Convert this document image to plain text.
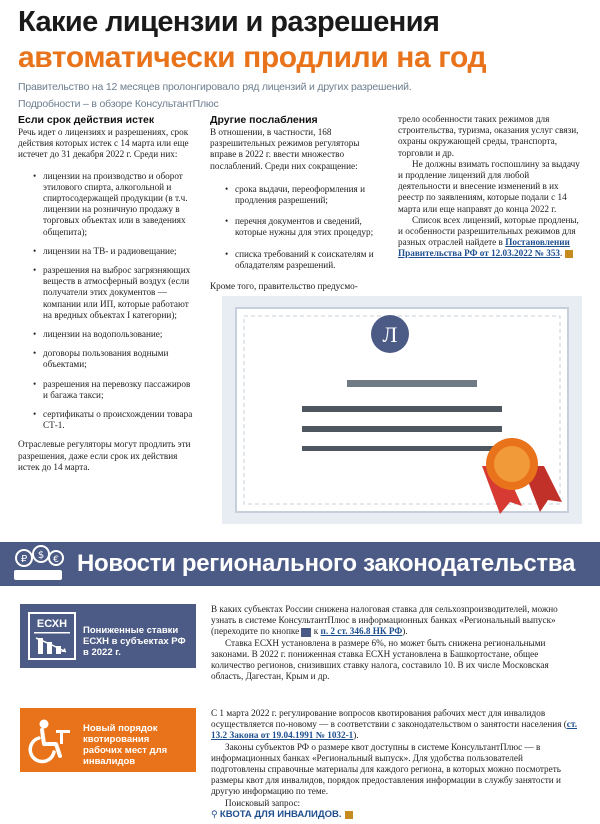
Какие лицензии и разрешения
автоматически продлили на год
Правительство на 12 месяцев пролонгировало ряд лицензий и других разрешений.
Подробности – в обзоре КонсультантПлюс
Если срок действия истек

Речь идет о лицензиях и разрешениях, срок действия которых истек с 14 марта или еще истечет до 31 декабря 2022 г. Среди них:

• лицензии на производство и оборот этилового спирта, алкогольной и спиртосодержащей продукции (в т.ч. лицензии на розничную продажу в торговых объектах или в заведениях общепита);
• лицензии на ТВ- и радиовещание;
• разрешения на выброс загрязняющих веществ в атмосферный воздух (если получатели этих документов — компании или ИП, которые работают на вредных объектах I категории);
• лицензии на водопользование;
• договоры пользования водными объектами;
• разрешения на перевозку пассажиров и багажа такси;
• сертификаты о происхождении товара СТ-1.

Отраслевые регуляторы могут продлить эти разрешения, даже если срок их действия истек до 14 марта.

Другие послабления

В отношении, в частности, 168 разрешительных режимов регуляторы вправе в 2022 г. ввести множество послаблений. Среди них сокращение:

• срока выдачи, переоформления и продления разрешений;
• перечня документов и сведений, которые нужны для этих процедур;
• списка требований к соискателям и обладателям разрешений.

Кроме того, правительство предусмо-

трело особенности таких режимов для строительства, туризма, оказания услуг связи, охраны окружающей среды, транспорта, торговли и др.

Не должны взимать госпошлину за выдачу и продление лицензий для любой деятельности и внесение изменений в их реестр по заявлениям, которые подали с 14 марта или еще направят до конца 2022 г.

Список всех лицензий, которые продлены, и особенности разрешительных режимов для разных отраслей найдете в Постановлении Правительства РФ от 12.03.2022 № 353.

Л
₽ $ € Новости регионального законодательства
ЕСХН
Пониженные ставки ЕСХН в субъектах РФ в 2022 г.

В каких субъектах России снижена налоговая ставка для сельхозпроизводителей, можно узнать в системе КонсультантПлюс в информационных банках «Региональный выпуск» (переходите по кнопке  к п. 2 ст. 346.8 НК РФ).

Ставка ЕСХН установлена в размере 6%, но может быть снижена региональными законами. В 2022 г. пониженная ставка ЕСХН установлена в Башкортостане, общее количество регионов, снизивших ставку налога, составило 10. В их числе Московская область, Дагестан, Крым и др.

Новый порядок квотирования рабочих мест для инвалидов

С 1 марта 2022 г. регулирование вопросов квотирования рабочих мест для инвалидов осуществляется по-новому — в соответствии с законодательством о занятости населения (ст. 13.2 Закона от 19.04.1991 № 1032-1).

Законы субъектов РФ о размере квот доступны в системе КонсультантПлюс — в информационных банках «Региональный выпуск». Для удобства пользователей подготовлены справочные материалы для каждого региона, в которых можно посмотреть размеры квот для инвалидов, порядок предоставления информации в службу занятости и другую информацию по теме.

Поисковый запрос:

⚲ КВОТА ДЛЯ ИНВАЛИДОВ.
